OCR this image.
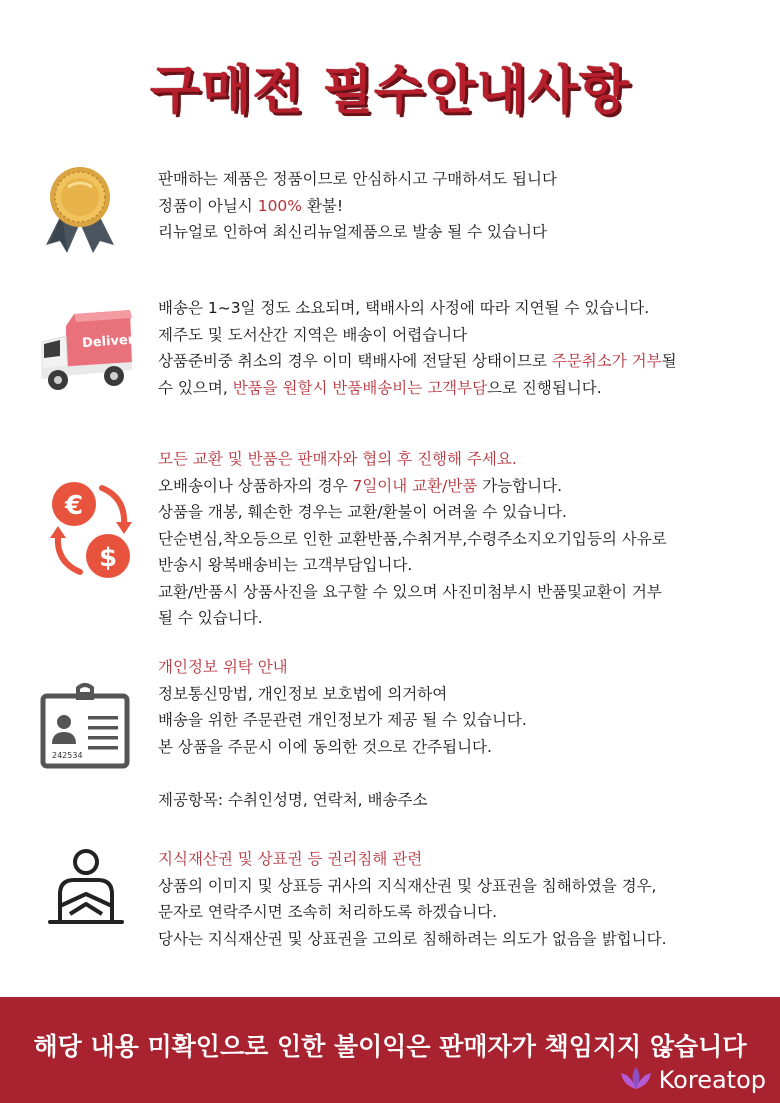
구매전 필수안내사항
판매하는 제품은 정품이므로 안심하시고 구매하셔도 됩니다
정품이 아닐시 100% 환불!
리뉴얼로 인하여 최신리뉴얼제품으로 발송 될 수 있습니다
Delivery
배송은 1~3일 정도 소요되며, 택배사의 사정에 따라 지연될 수 있습니다.
제주도 및 도서산간 지역은 배송이 어렵습니다
상품준비중 취소의 경우 이미 택배사에 전달된 상태이므로 주문취소가 거부될
수 있으며, 반품을 원할시 반품배송비는 고객부담으로 진행됩니다.
€
$
모든 교환 및 반품은 판매자와 협의 후 진행해 주세요.
오배송이나 상품하자의 경우 7일이내 교환/반품 가능합니다.
상품을 개봉, 훼손한 경우는 교환/환불이 어려울 수 있습니다.
단순변심,착오등으로 인한 교환반품,수취거부,수령주소지오기입등의 사유로
반송시 왕복배송비는 고객부담입니다.
교환/반품시 상품사진을 요구할 수 있으며 사진미첨부시 반품및교환이 거부
될 수 있습니다.
242534
개인정보 위탁 안내
정보통신망법, 개인정보 보호법에 의거하여
배송을 위한 주문관련 개인정보가 제공 될 수 있습니다.
본 상품을 주문시 이에 동의한 것으로 간주됩니다.
제공항목: 수취인성명, 연락처, 배송주소
지식재산권 및 상표권 등 권리침해 관련
상품의 이미지 및 상표등 귀사의 지식재산권 및 상표권을 침해하였을 경우,
문자로 연락주시면 조속히 처리하도록 하겠습니다.
당사는 지식재산권 및 상표권을 고의로 침해하려는 의도가 없음을 밝힙니다.
해당 내용 미확인으로 인한 불이익은 판매자가 책임지지 않습니다
Koreatop
